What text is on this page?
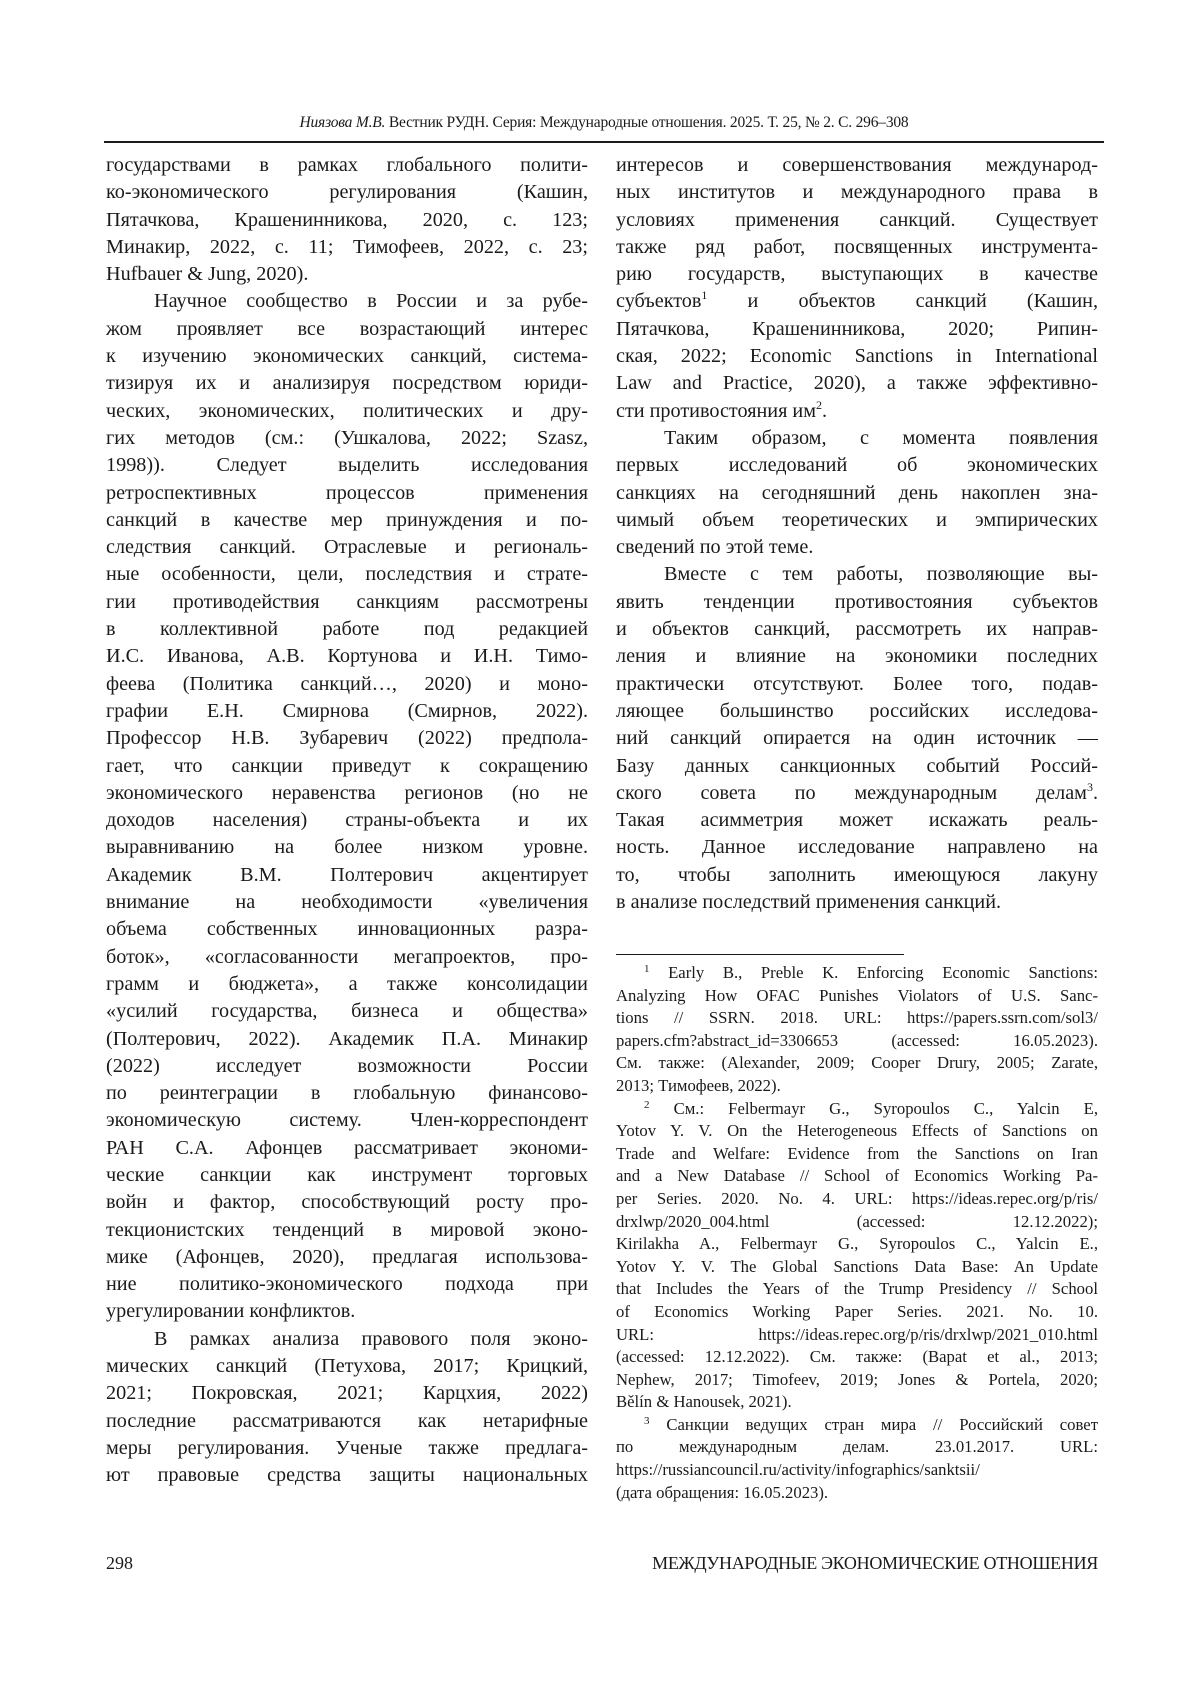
Ниязова М.В. Вестник РУДН. Серия: Международные отношения. 2025. Т. 25, № 2. С. 296–308
государствами в рамках глобального полити-
ко-экономического регулирования (Кашин,
Пятачкова, Крашенинникова, 2020, с. 123;
Минакир, 2022, с. 11; Тимофеев, 2022, с. 23;
Hufbauer & Jung, 2020).
Научное сообщество в России и за рубе-
жом проявляет все возрастающий интерес
к изучению экономических санкций, система-
тизируя их и анализируя посредством юриди-
ческих, экономических, политических и дру-
гих методов (см.: (Ушкалова, 2022; Szasz,
1998)). Следует выделить исследования
ретроспективных процессов применения
санкций в качестве мер принуждения и по-
следствия санкций. Отраслевые и региональ-
ные особенности, цели, последствия и страте-
гии противодействия санкциям рассмотрены
в коллективной работе под редакцией
И.С. Иванова, А.В. Кортунова и И.Н. Тимо-
феева (Политика санкций…, 2020) и моно-
графии Е.Н. Смирнова (Смирнов, 2022).
Профессор Н.В. Зубаревич (2022) предпола-
гает, что санкции приведут к сокращению
экономического неравенства регионов (но не
доходов населения) страны-объекта и их
выравниванию на более низком уровне.
Академик В.М. Полтерович акцентирует
внимание на необходимости «увеличения
объема собственных инновационных разра-
боток», «согласованности мегапроектов, про-
грамм и бюджета», а также консолидации
«усилий государства, бизнеса и общества»
(Полтерович, 2022). Академик П.А. Минакир
(2022) исследует возможности России
по реинтеграции в глобальную финансово-
экономическую систему. Член-корреспондент
РАН С.А. Афонцев рассматривает экономи-
ческие санкции как инструмент торговых
войн и фактор, способствующий росту про-
текционистских тенденций в мировой эконо-
мике (Афонцев, 2020), предлагая использова-
ние политико-экономического подхода при
урегулировании конфликтов.
В рамках анализа правового поля эконо-
мических санкций (Петухова, 2017; Крицкий,
2021; Покровская, 2021; Карцхия, 2022)
последние рассматриваются как нетарифные
меры регулирования. Ученые также предлага-
ют правовые средства защиты национальных
интересов и совершенствования международ-
ных институтов и международного права в
условиях применения санкций. Существует
также ряд работ, посвященных инструмента-
рию государств, выступающих в качестве
субъектов$^1$ и объектов санкций (Кашин,
Пятачкова, Крашенинникова, 2020; Рипин-
ская, 2022; Economic Sanctions in International
Law and Practice, 2020), а также эффективно-
сти противостояния $им^2$.
Таким образом, с момента появления
первых исследований об экономических
санкциях на сегодняшний день накоплен зна-
чимый объем теоретических и эмпирических
сведений по этой теме.
Вместе с тем работы, позволяющие вы-
явить тенденции противостояния субъектов
и объектов санкций, рассмотреть их направ-
ления и влияние на экономики последних
практически отсутствуют. Более того, подав-
ляющее большинство российских исследова-
ний санкций опирается на один источник —
Базу данных санкционных событий Россий-
ского совета по международным делам$^3$.
Такая асимметрия может искажать реаль-
ность. Данное исследование направлено на
то, чтобы заполнить имеющуюся лакуну
в анализе последствий применения санкций.
$^1$ Early B., Preble K. Enforcing Economic Sanctions:
Analyzing How OFAC Punishes Violators of U.S. Sanc-
tions // SSRN. 2018. URL: https://papers.ssrn.com/sol3/
papers.cfm?abstract_id=3306653 (accessed: 16.05.2023).
См. также: (Alexander, 2009; Cooper Drury, 2005; Zarate,
2013; Тимофеев, 2022).
$^2$ См.: Felbermayr G., Syropoulos C., Yalcin E,
Yotov Y. V. On the Heterogeneous Effects of Sanctions on
Trade and Welfare: Evidence from the Sanctions on Iran
and a New Database // School of Economics Working Pa-
per Series. 2020. No. 4. URL: https://ideas.repec.org/p/ris/
drxlwp/2020_004.html (accessed: 12.12.2022);
Kirilakha A., Felbermayr G., Syropoulos C., Yalcin E.,
Yotov Y. V. The Global Sanctions Data Base: An Update
that Includes the Years of the Trump Presidency // School
of Economics Working Paper Series. 2021. No. 10.
URL: https://ideas.repec.org/p/ris/drxlwp/2021_010.html
(accessed: 12.12.2022). См. также: (Bapat et al., 2013;
Nephew, 2017; Timofeev, 2019; Jones & Portela, 2020;
Bělín & Hanousek, 2021).
$^3$ Санкции ведущих стран мира // Российский совет
по международным делам. 23.01.2017. URL:
https://russiancouncil.ru/activity/infographics/sanktsii/
(дата обращения: 16.05.2023).
298	МЕЖДУНАРОДНЫЕ ЭКОНОМИЧЕСКИЕ ОТНОШЕНИЯ
